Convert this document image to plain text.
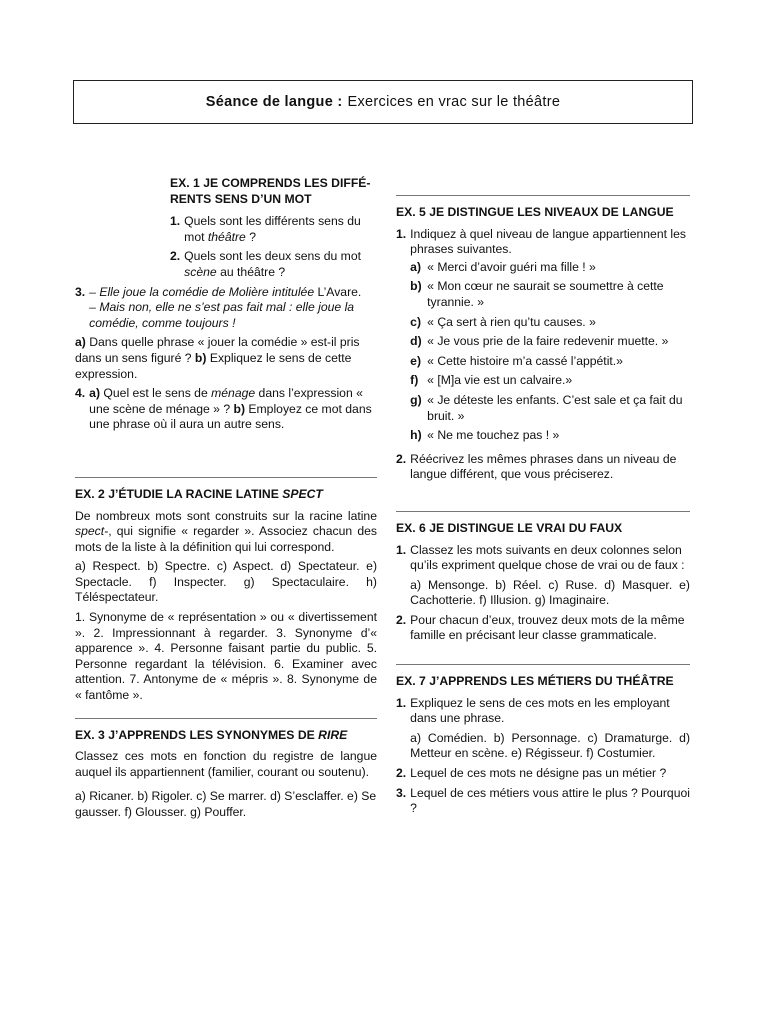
Séance de langue : Exercices en vrac sur le théâtre
EX. 1 JE COMPRENDS LES DIFFÉ-
RENTS SENS D’UN MOT
1. Quels sont les différents sens du mot théâtre ?
2. Quels sont les deux sens du mot scène au théâtre ?
3. – Elle joue la comédie de Molière intitulée L’Avare.
– Mais non, elle ne s’est pas fait mal : elle joue la comédie, comme toujours !

a) Dans quelle phrase « jouer la comédie » est-il pris dans un sens figuré ? b) Expliquez le sens de cette expression.

4. a) Quel est le sens de ménage dans l’expression « une scène de ménage » ? b) Employez ce mot dans une phrase où il aura un autre sens.
EX. 2 J’ÉTUDIE LA RACINE LATINE SPECT

De nombreux mots sont construits sur la racine latine spect-, qui signifie « regarder ». Associez chacun des mots de la liste à la définition qui lui correspond.

a) Respect. b) Spectre. c) Aspect. d) Spectateur. e) Spectacle. f) Inspecter. g) Spectaculaire. h) Téléspectateur.

1. Synonyme de « représentation » ou « divertissement ». 2. Impressionnant à regarder. 3. Synonyme d’« apparence ». 4. Personne faisant partie du public. 5. Personne regardant la télévision. 6. Examiner avec attention. 7. Antonyme de « mépris ». 8. Synonyme de « fantôme ».

EX. 3 J’APPRENDS LES SYNONYMES DE RIRE

Classez ces mots en fonction du registre de langue auquel ils appartiennent (familier, courant ou soutenu).

a) Ricaner. b) Rigoler. c) Se marrer. d) S’esclaffer. e) Se gausser. f) Glousser. g) Pouffer.

EX. 5 JE DISTINGUE LES NIVEAUX DE LANGUE
1. Indiquez à quel niveau de langue appartiennent les phrases suivantes.
a) « Merci d’avoir guéri ma fille ! »
b) « Mon cœur ne saurait se soumettre à cette tyrannie. »
c) « Ça sert à rien qu’tu causes. »
d) « Je vous prie de la faire redevenir muette. »
e) « Cette histoire m’a cassé l’appétit.»
f) « [M]a vie est un calvaire.»
g) « Je déteste les enfants. C’est sale et ça fait du bruit. »
h) « Ne me touchez pas ! »
2. Réécrivez les mêmes phrases dans un niveau de langue différent, que vous préciserez.
EX. 6 JE DISTINGUE LE VRAI DU FAUX
1. Classez les mots suivants en deux colonnes selon qu’ils expriment quelque chose de vrai ou de faux :
a) Mensonge. b) Réel. c) Ruse. d) Masquer. e) Cachotterie. f) Illusion. g) Imaginaire.
2. Pour chacun d’eux, trouvez deux mots de la même famille en précisant leur classe grammaticale.
EX. 7 J’APPRENDS LES MÉTIERS DU THÉÂTRE
1. Expliquez le sens de ces mots en les employant dans une phrase.
a) Comédien. b) Personnage. c) Dramaturge. d) Metteur en scène. e) Régisseur. f) Costumier.
2. Lequel de ces mots ne désigne pas un métier ?
3. Lequel de ces métiers vous attire le plus ? Pourquoi ?
